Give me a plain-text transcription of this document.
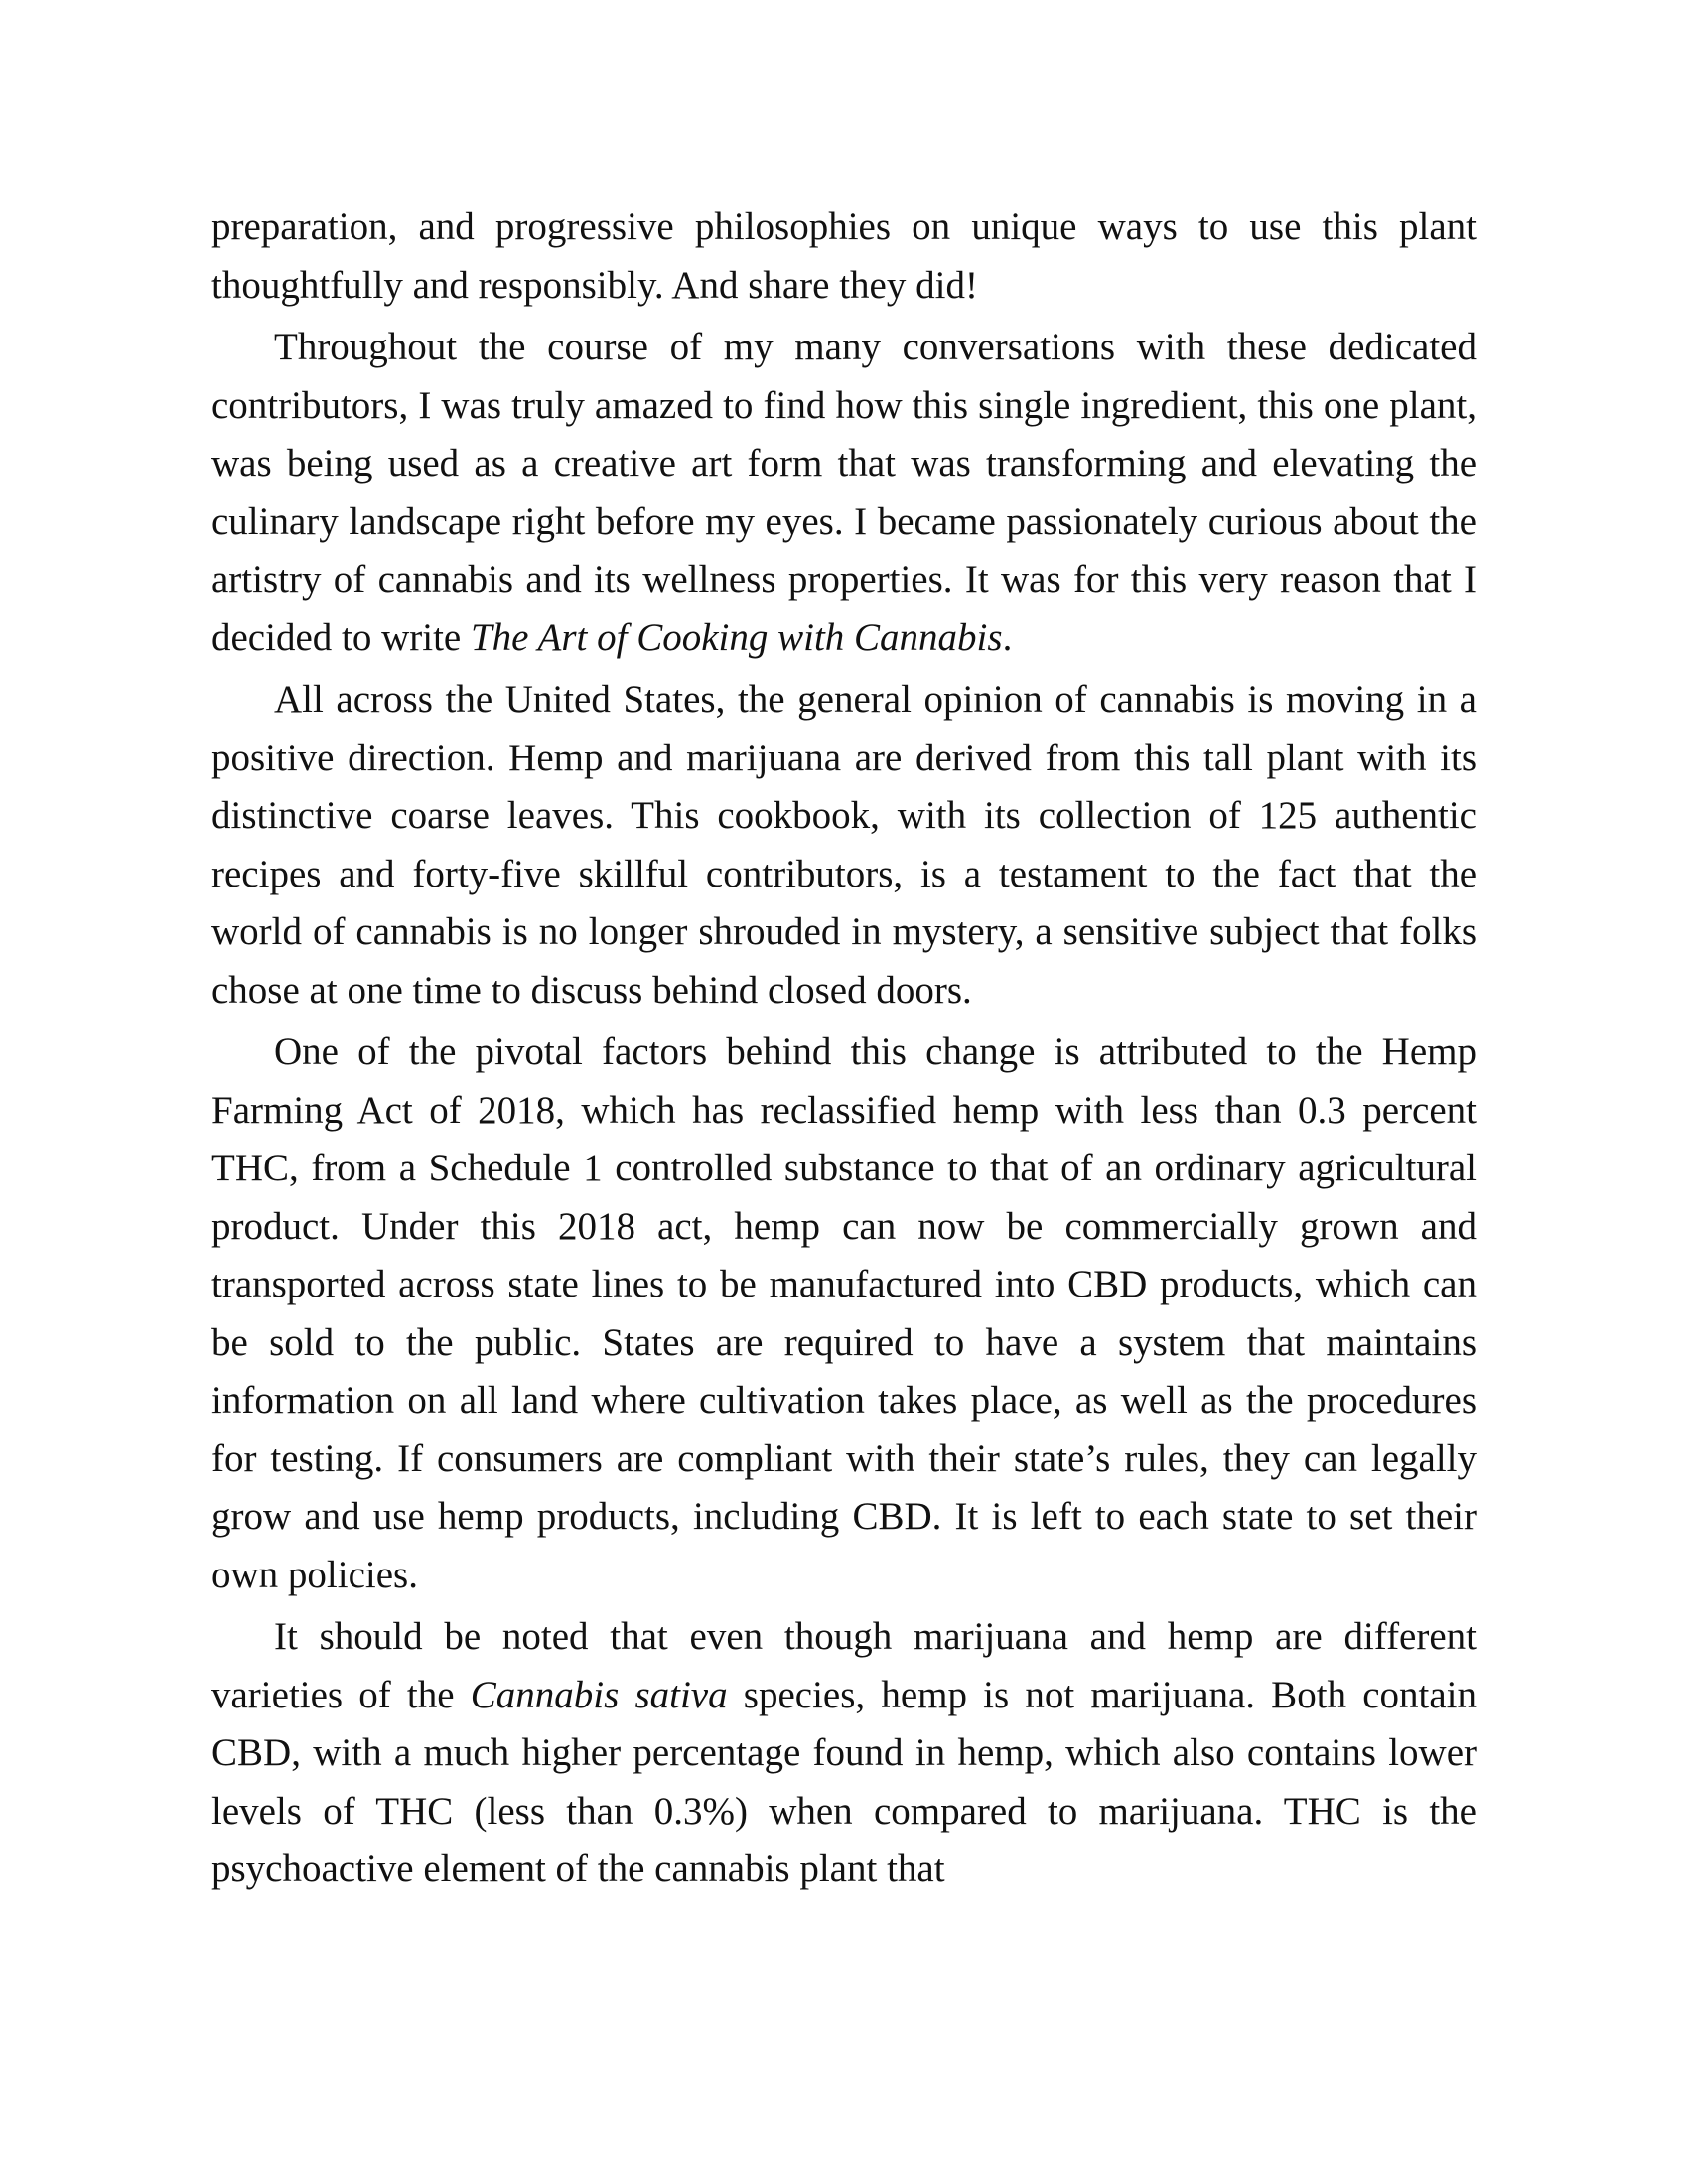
preparation, and progressive philosophies on unique ways to use this plant thoughtfully and responsibly. And share they did!

Throughout the course of my many conversations with these dedicated contributors, I was truly amazed to find how this single ingredient, this one plant, was being used as a creative art form that was transforming and elevating the culinary landscape right before my eyes. I became passionately curious about the artistry of cannabis and its wellness properties. It was for this very reason that I decided to write The Art of Cooking with Cannabis.

All across the United States, the general opinion of cannabis is moving in a positive direction. Hemp and marijuana are derived from this tall plant with its distinctive coarse leaves. This cookbook, with its collection of 125 authentic recipes and forty-five skillful contributors, is a testament to the fact that the world of cannabis is no longer shrouded in mystery, a sensitive subject that folks chose at one time to discuss behind closed doors.

One of the pivotal factors behind this change is attributed to the Hemp Farming Act of 2018, which has reclassified hemp with less than 0.3 percent THC, from a Schedule 1 controlled substance to that of an ordinary agricultural product. Under this 2018 act, hemp can now be commercially grown and transported across state lines to be manufactured into CBD products, which can be sold to the public. States are required to have a system that maintains information on all land where cultivation takes place, as well as the procedures for testing. If consumers are compliant with their state’s rules, they can legally grow and use hemp products, including CBD. It is left to each state to set their own policies.

It should be noted that even though marijuana and hemp are different varieties of the Cannabis sativa species, hemp is not marijuana. Both contain CBD, with a much higher percentage found in hemp, which also contains lower levels of THC (less than 0.3%) when compared to marijuana. THC is the psychoactive element of the cannabis plant that
